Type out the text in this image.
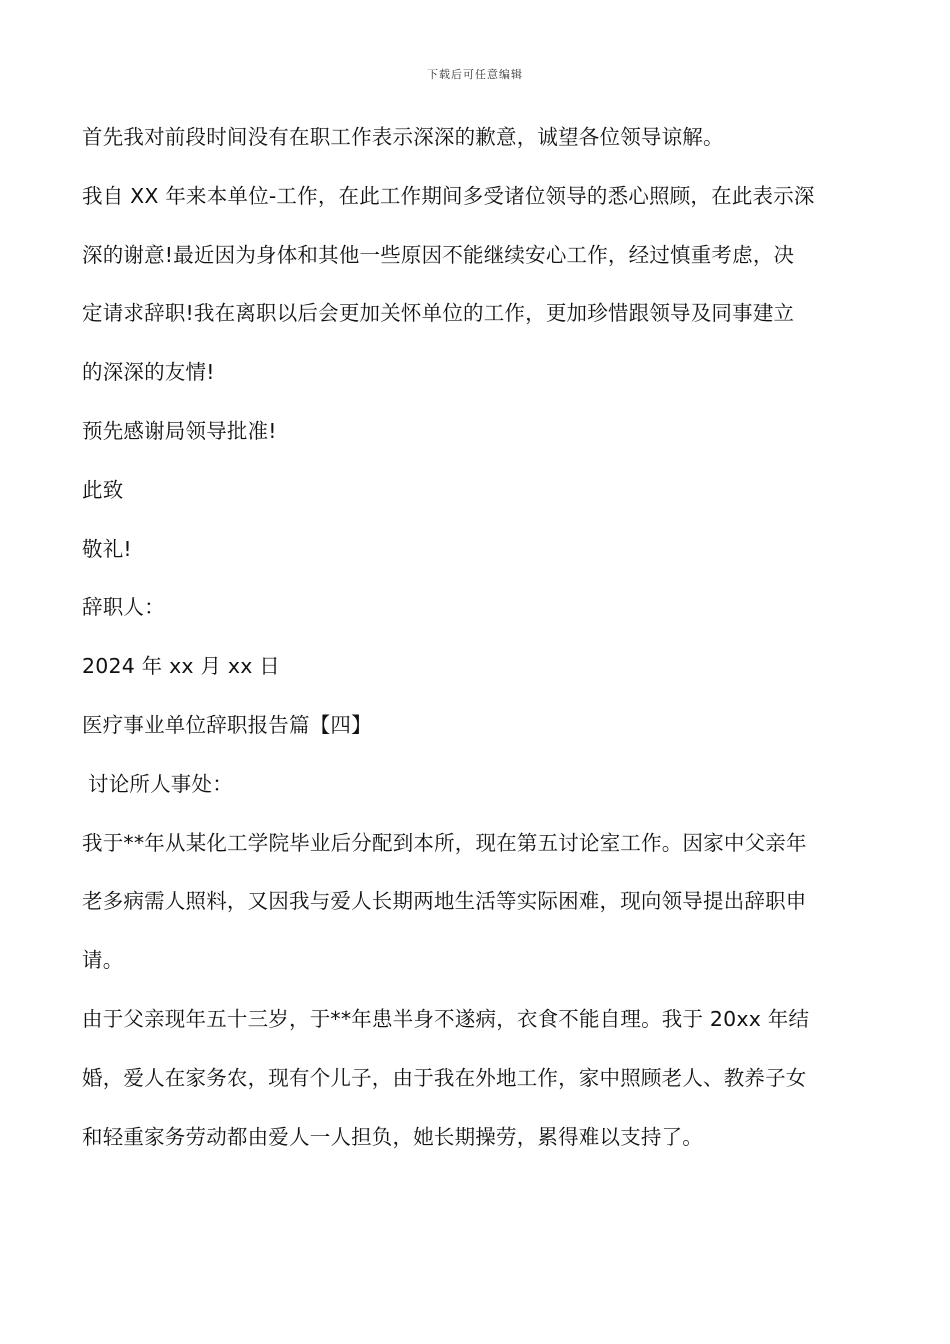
下载后可任意编辑
首先我对前段时间没有在职工作表示深深的歉意，诚望各位领导谅解。
我自 XX 年来本单位-工作，在此工作期间多受诸位领导的悉心照顾，在此表示深
深的谢意!最近因为身体和其他一些原因不能继续安心工作，经过慎重考虑，决
定请求辞职!我在离职以后会更加关怀单位的工作，更加珍惜跟领导及同事建立
的深深的友情!
预先感谢局领导批准!
此致
敬礼!
辞职人：
2024 年 xx 月 xx 日
医疗事业单位辞职报告篇【四】
讨论所人事处：
我于**年从某化工学院毕业后分配到本所，现在第五讨论室工作。因家中父亲年
老多病需人照料，又因我与爱人长期两地生活等实际困难，现向领导提出辞职申
请。
由于父亲现年五十三岁，于**年患半身不遂病，衣食不能自理。我于 20xx 年结
婚，爱人在家务农，现有个儿子，由于我在外地工作，家中照顾老人、教养子女
和轻重家务劳动都由爱人一人担负，她长期操劳，累得难以支持了。
